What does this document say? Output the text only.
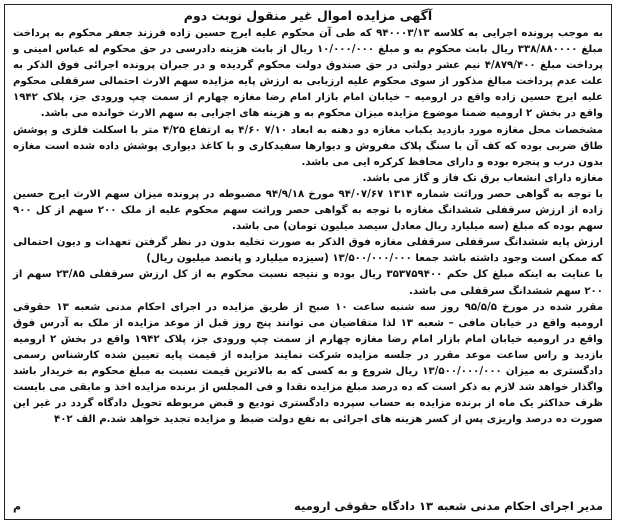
آگهی مزایده اموال غیر منقول نوبت دوم
به موجب پرونده اجرایی به کلاسه ۹۴۰۰۰۳/۱۳ که طی آن محکوم علیه ایرج حسین زاده فرزند جعفر محکوم به پرداخت مبلغ ۳۳۸/۸۸۰۰۰۰ ریال بابت محکوم به و مبلغ ۱۰/۰۰۰/۰۰۰ ریال از بابت هزینه دادرسی در حق محکوم له عباس امینی و پرداخت مبلغ ۴/۸۷۹/۴۰۰ نیم عشر دولتی در حق صندوق دولت محکوم گردیده و در جبران پرونده اجرائی فوق الذکر به علت عدم پرداخت مبالغ مذکور از سوی محکوم علیه ارزیابی به ارزش پایه مزایده سهم الارث احتمالی سرقفلی محکوم علیه ایرج حسین زاده واقع در ارومیه – خیابان امام بازار امام رضا مغازه چهارم از سمت چپ ورودی جز، پلاک ۱۹۴۲ واقع در بخش ۲ ارومیه ضمنا موضوع مزایده میزان محکوم به و هزینه های اجرایی به سهم الارث خوانده می باشد.
مشخصات محل مغازه مورد بازدید یکباب مغازه دو دهنه به ابعاد ۷/۱۰ ۴/۶۰ به ارتفاع ۴/۲۵ متر با اسکلت فلزی و پوشش طاق ضربی بوده که کف آن با سنگ پلاک مفروش و دیوارها سفیدکاری و با کاغذ دیواری پوشش داده شده است مغازه بدون درب و پنجره بوده و دارای محافظ کرکره ایی می باشد.
مغازه دارای انشعاب برق تک فاز و گاز می باشد.
با توجه به گواهی حصر وراثت شماره ۱۳۱۴ ۹۴/۰۷/۶۷ مورخ ۹۴/۹/۱۸ مضبوطه در پرونده میزان سهم الارث ایرج حسین زاده از ارزش سرقفلی ششدانگ مغازه با توجه به گواهی حصر وراثت سهم محکوم علیه از ملک ۲۰۰ سهم از کل ۹۰۰ سهم بوده که مبلغ (سه میلیارد ریال معادل سیصد میلیون تومان) می باشد.
ارزش پایه ششدانگ سرقفلی سرقفلی مغازه فوق الذکر به صورت تخلیه بدون در نظر گرفتن تعهدات و دیون احتمالی که ممکن است وجود داشته باشد جمعا ۱۳/۵۰۰/۰۰۰/۰۰۰ (سیزده میلیارد و پانصد میلیون ریال)
با عنایت به اینکه مبلغ کل حکم ۳۵۳۷۵۹۴۰۰ ریال بوده و نتیجه نسبت محکوم به از کل ارزش سرقفلی ۲۳/۸۵ سهم از ۲۰۰ سهم ششدانگ سرقفلی می باشد.
مقرر شده در مورخ ۹۵/۵/۵ روز سه شنبه ساعت ۱۰ صبح از طریق مزایده در اجرای احکام مدنی شعبه ۱۳ حقوقی ارومیه واقع در خیابان مافی – شعبه ۱۳ لذا متقاضیان می توانند پنج روز قبل از موعد مزایده از ملک به آدرس فوق واقع در ارومیه خیابان امام بازار امام رضا مغازه چهارم از سمت چپ ورودی جز، پلاک ۱۹۴۲ واقع در بخش ۲ ارومیه بازدید و راس ساعت موعد مقرر در جلسه مزایده شرکت نمایند مزایده از قیمت پایه تعیین شده کارشناس رسمی دادگستری به میزان ۱۳/۵۰۰/۰۰۰/۰۰۰ ریال شروع و به کسی که به بالاترین قیمت نسبت به مبلغ محکوم به خریدار باشد واگذار خواهد شد لازم به ذکر است که ده درصد مبلغ مزایده نقدا و فی المجلس از برنده مزایده اخذ و مابقی می بایست ظرف حداکثر یک ماه از برنده مزایده به حساب سپرده دادگستری تودیع و قبض مربوطه تحویل دادگاه گردد در غیر این صورت ده درصد واریزی پس از کسر هزینه های اجرائی به نفع دولت ضبط و مزایده تجدید خواهد شد.م الف ۴۰۲
مدیر اجرای احکام مدنی شعبه ۱۳ دادگاه حقوقی ارومیه
م
